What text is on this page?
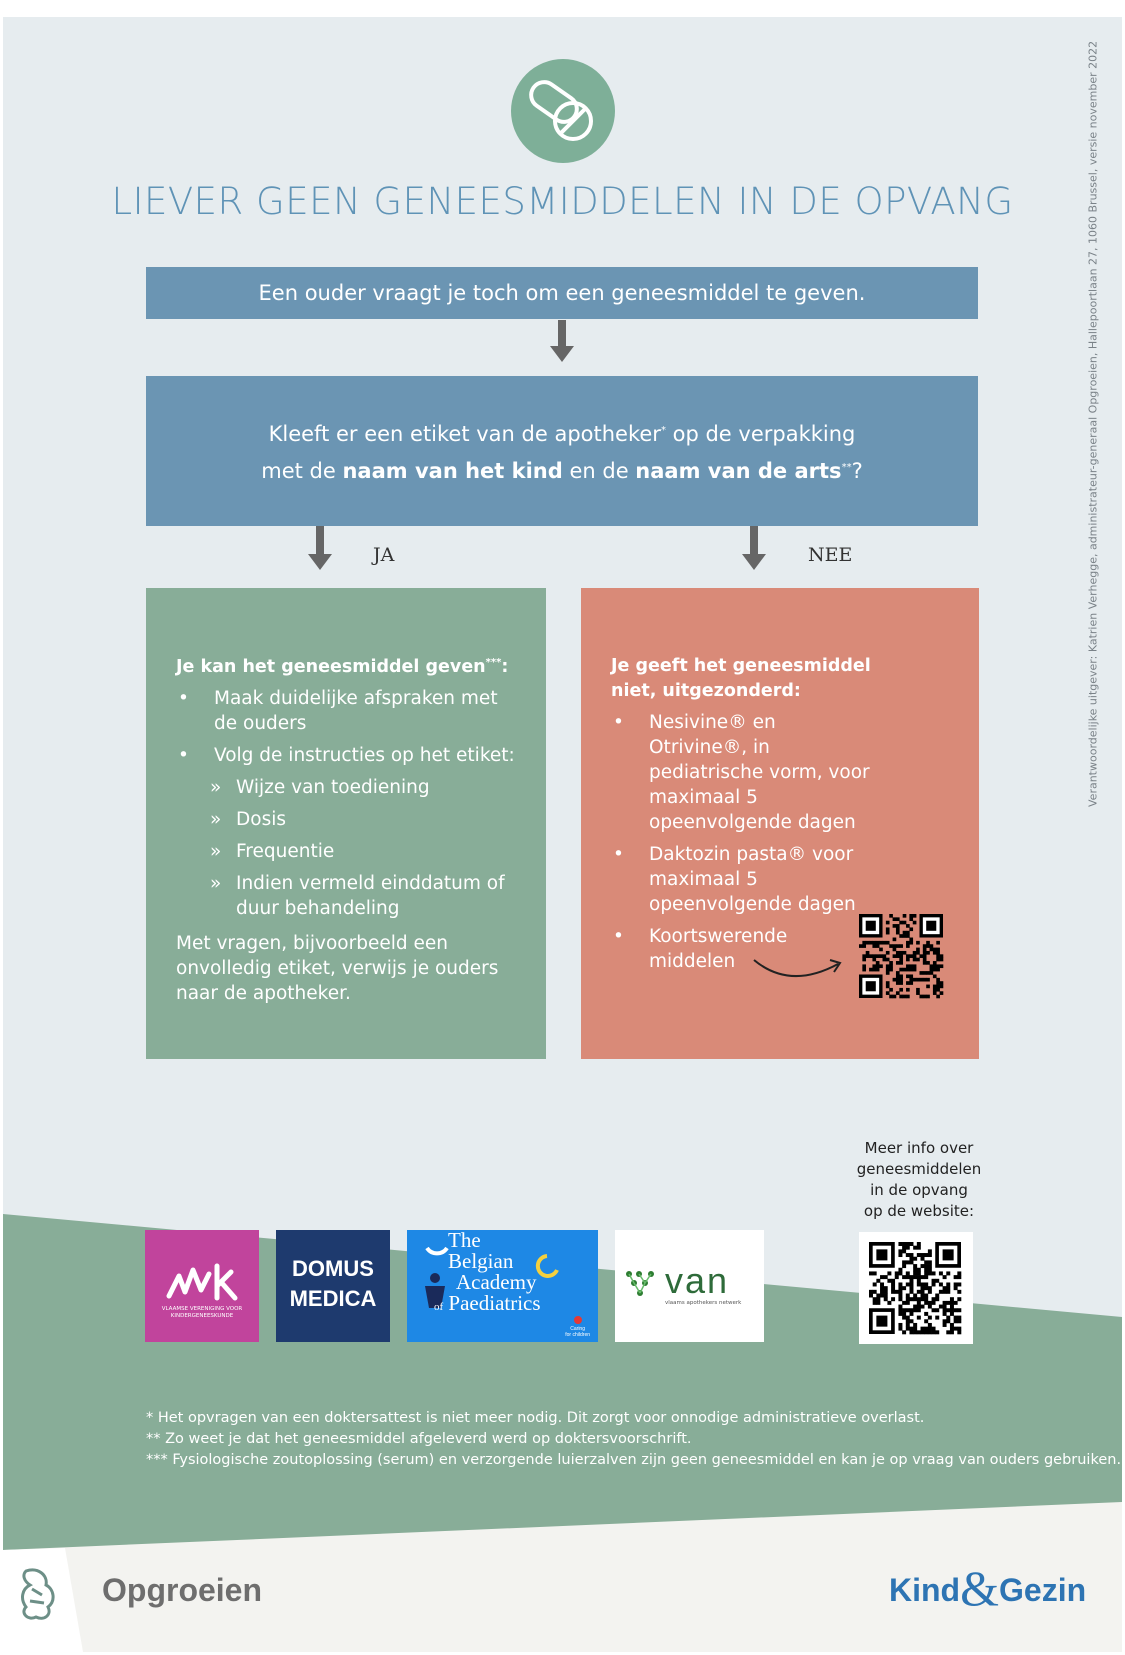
Verantwoordelijke uitgever: Katrien Verhegge, administrateur-generaal Opgroeien, Hallepoortlaan 27, 1060 Brussel, versie november 2022
LIEVER GEEN GENEESMIDDELEN IN DE OPVANG
Een ouder vraagt je toch om een geneesmiddel te geven.
Kleeft er een etiket van de apotheker* op de verpakking
met de naam van het kind en de naam van de arts**?
JA	NEE
Je kan het geneesmiddel geven***:
• Maak duidelijke afspraken met de ouders
• Volg de instructies op het etiket:
» Wijze van toediening
» Dosis
» Frequentie
» Indien vermeld einddatum of duur behandeling
Met vragen, bijvoorbeeld een onvolledig etiket, verwijs je ouders naar de apotheker.
Je geeft het geneesmiddel niet, uitgezonderd:
• Nesivine® en Otrivine®, in pediatrische vorm, voor maximaal 5 opeenvolgende dagen
• Daktozin pasta® voor maximaal 5 opeenvolgende dagen
• Koortswerende middelen
Meer info over
geneesmiddelen
in de opvang
op de website:
VLAAMSE VERENIGING VOOR
KINDERGENEESKUNDE
DOMUS
MEDICA
The
Belgian
Academy
of Paediatrics
Caring
for children
van
vlaams apothekers netwerk
* Het opvragen van een doktersattest is niet meer nodig. Dit zorgt voor onnodige administratieve overlast.
** Zo weet je dat het geneesmiddel afgeleverd werd op doktersvoorschrift.
*** Fysiologische zoutoplossing (serum) en verzorgende luierzalven zijn geen geneesmiddel en kan je op vraag van ouders gebruiken.
Opgroeien	Kind&Gezin
